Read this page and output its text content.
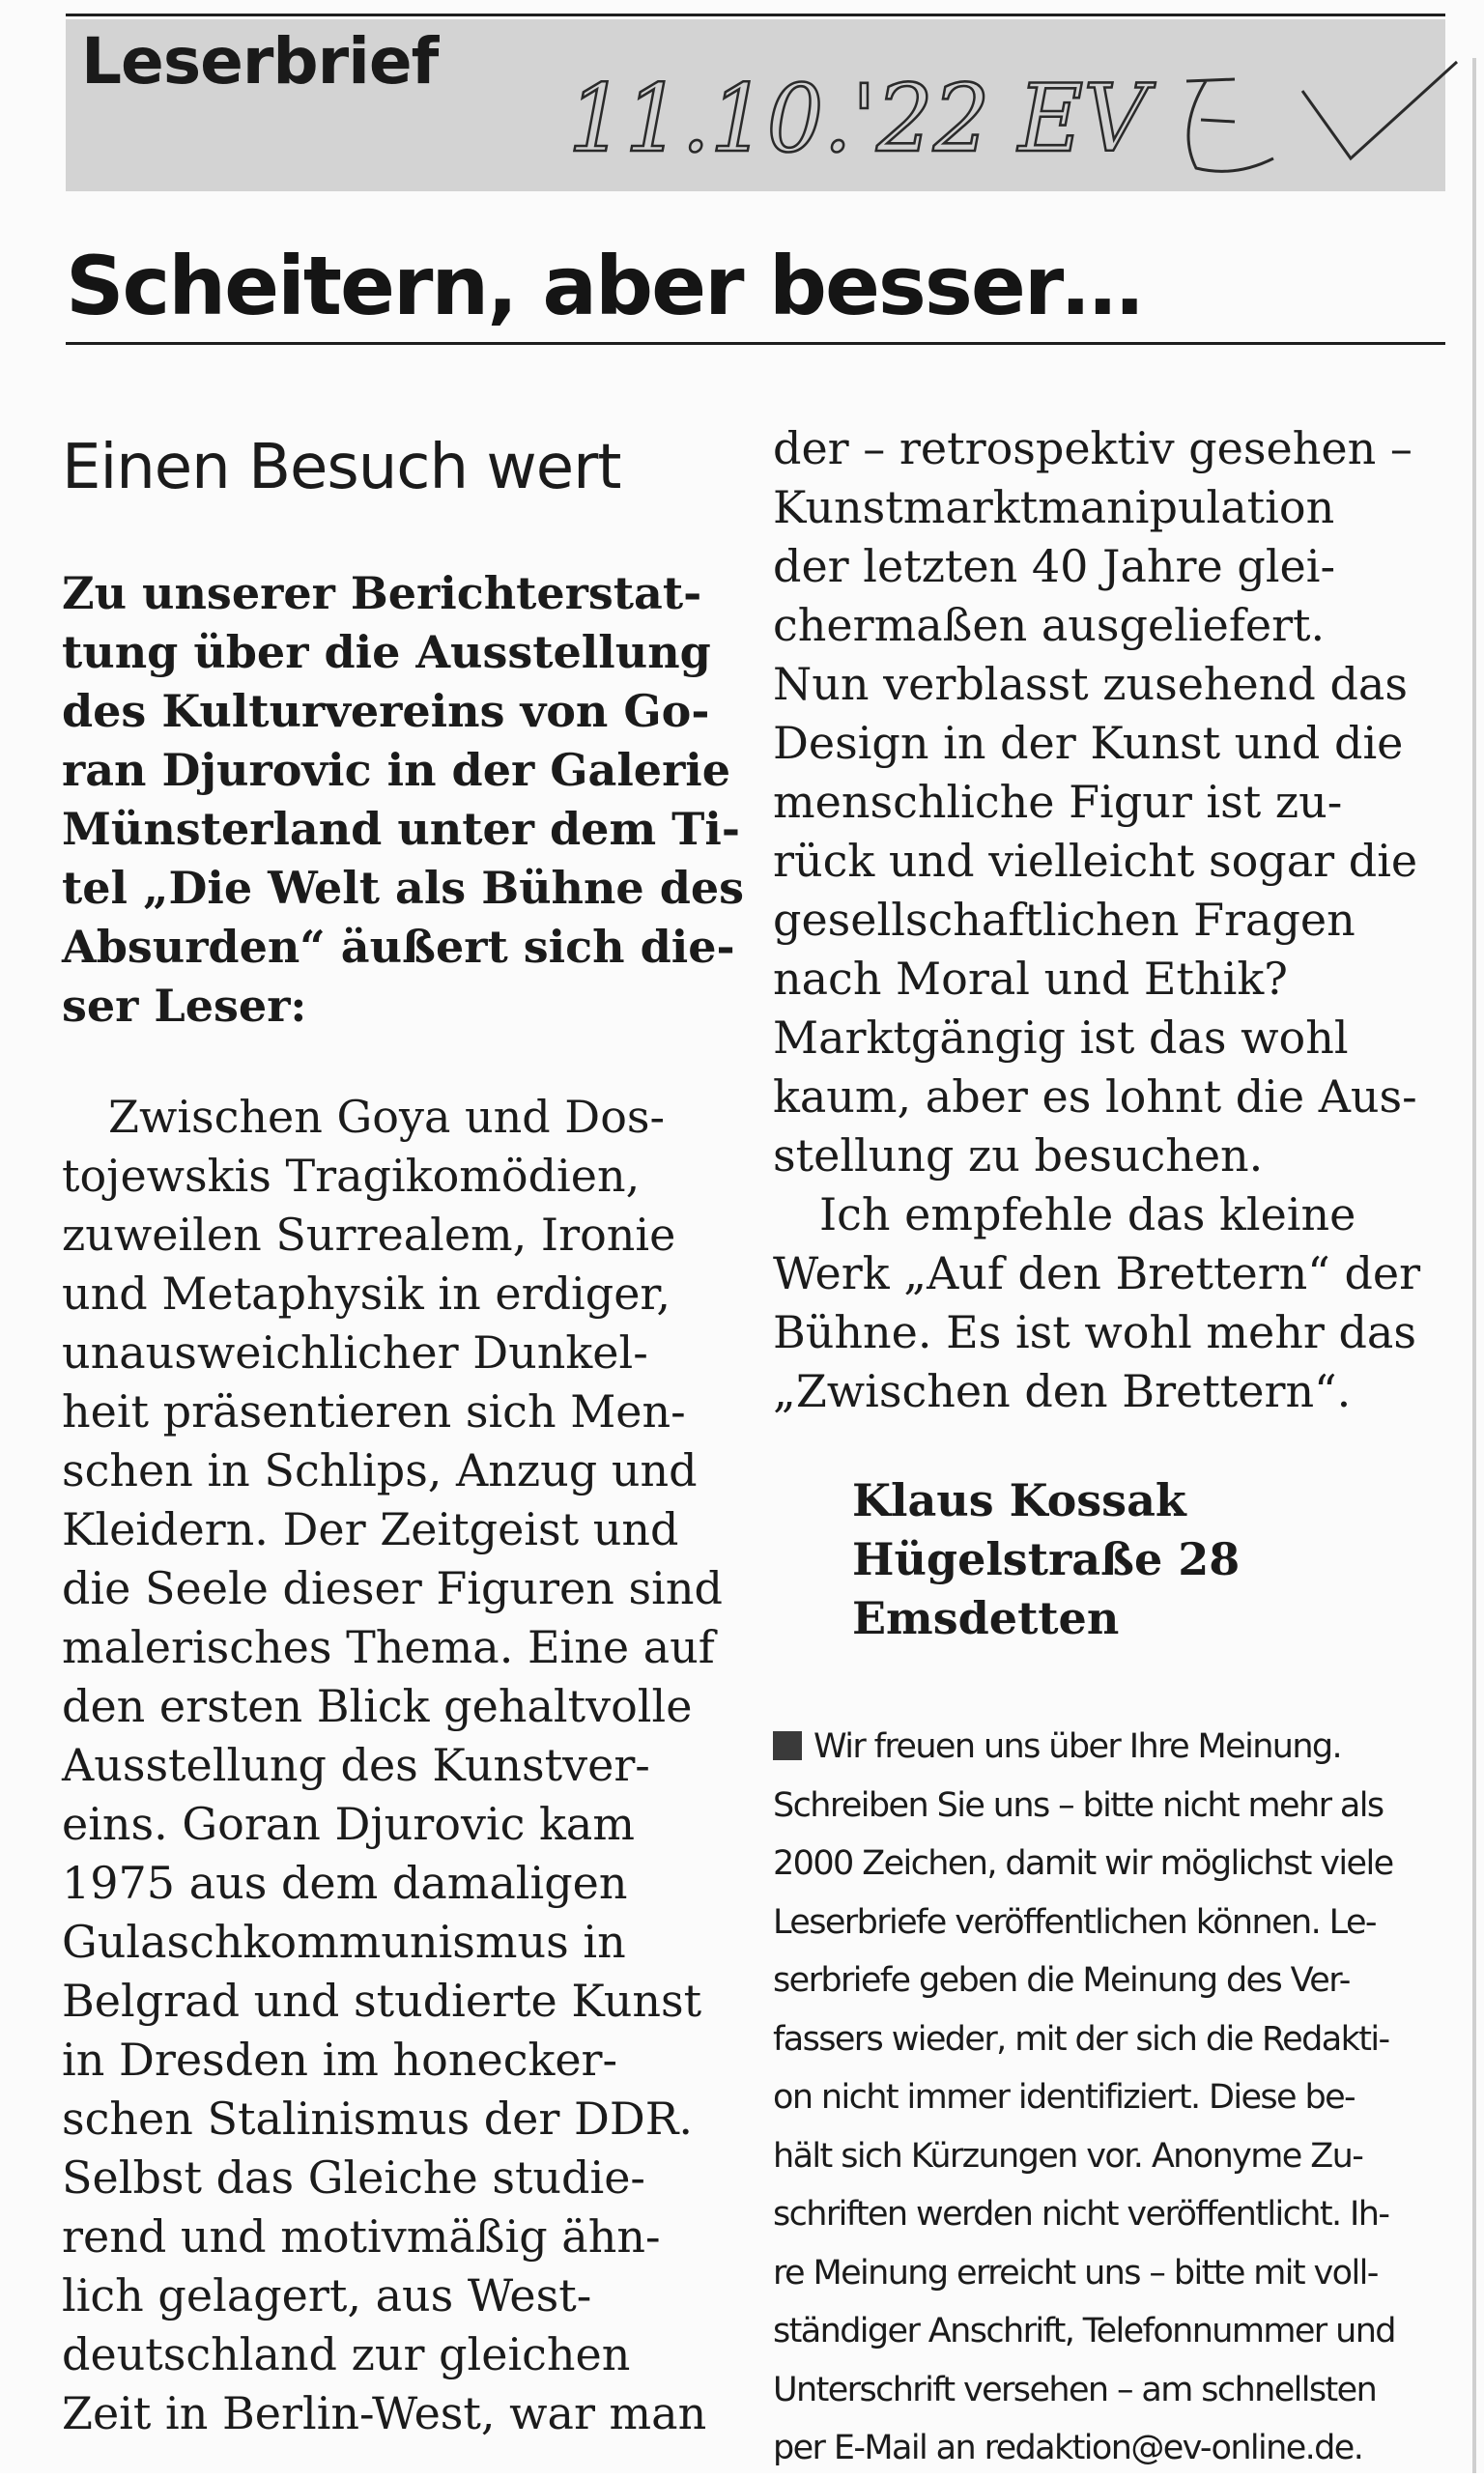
Leserbrief
11.10.'22 EV
Scheitern, aber besser…
Einen Besuch wert
Zu unserer Berichterstat-
tung über die Ausstellung
des Kulturvereins von Go-
ran Djurovic in der Galerie
Münsterland unter dem Ti-
tel „Die Welt als Bühne des
Absurden“ äußert sich die-
ser Leser:
Zwischen Goya und Dos-
tojewskis Tragikomödien,
zuweilen Surrealem, Ironie
und Metaphysik in erdiger,
unausweichlicher Dunkel-
heit präsentieren sich Men-
schen in Schlips, Anzug und
Kleidern. Der Zeitgeist und
die Seele dieser Figuren sind
malerisches Thema. Eine auf
den ersten Blick gehaltvolle
Ausstellung des Kunstver-
eins. Goran Djurovic kam
1975 aus dem damaligen
Gulaschkommunismus in
Belgrad und studierte Kunst
in Dresden im honecker-
schen Stalinismus der DDR.
Selbst das Gleiche studie-
rend und motivmäßig ähn-
lich gelagert, aus West-
deutschland zur gleichen
Zeit in Berlin-West, war man
der – retrospektiv gesehen –
Kunstmarktmanipulation
der letzten 40 Jahre glei-
chermaßen ausgeliefert.
Nun verblasst zusehend das
Design in der Kunst und die
menschliche Figur ist zu-
rück und vielleicht sogar die
gesellschaftlichen Fragen
nach Moral und Ethik?
Marktgängig ist das wohl
kaum, aber es lohnt die Aus-
stellung zu besuchen.
Ich empfehle das kleine
Werk „Auf den Brettern“ der
Bühne. Es ist wohl mehr das
„Zwischen den Brettern“.
Klaus Kossak
Hügelstraße 28
Emsdetten
Wir freuen uns über Ihre Meinung.
Schreiben Sie uns – bitte nicht mehr als
2000 Zeichen, damit wir möglichst viele
Leserbriefe veröffentlichen können. Le-
serbriefe geben die Meinung des Ver-
fassers wieder, mit der sich die Redakti-
on nicht immer identifiziert. Diese be-
hält sich Kürzungen vor. Anonyme Zu-
schriften werden nicht veröffentlicht. Ih-
re Meinung erreicht uns – bitte mit voll-
ständiger Anschrift, Telefonnummer und
Unterschrift versehen – am schnellsten
per E-Mail an redaktion@ev-online.de.
